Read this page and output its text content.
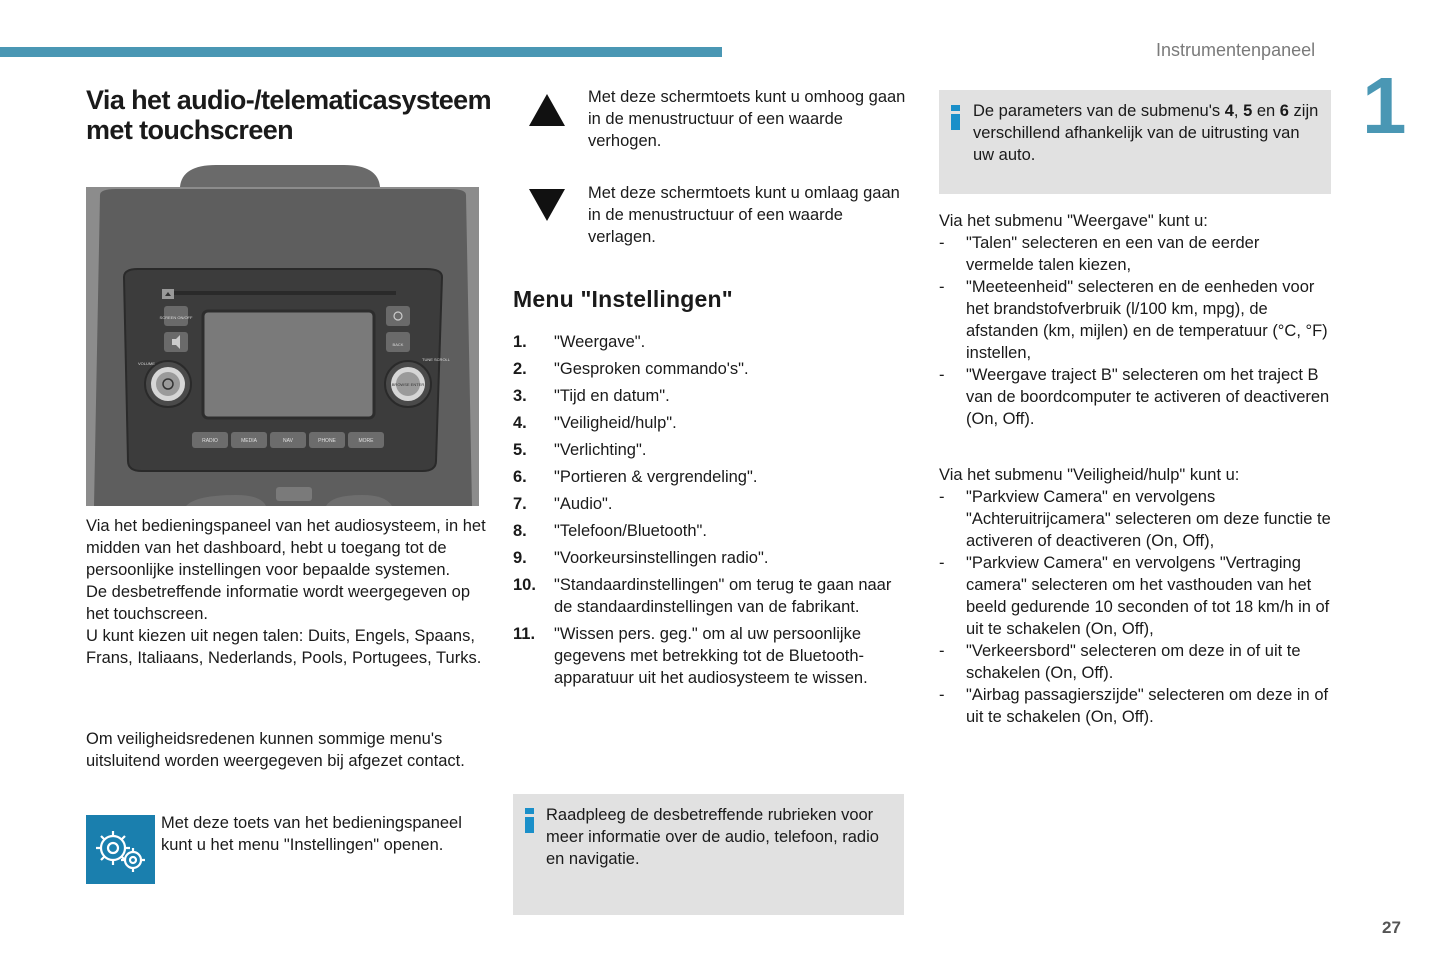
Instrumentenpaneel
1
Via het audio-/telematicasysteem met touchscreen
SCREEN ON/OFF
BACK
VOLUME
BROWSE ENTER
TUNE SCROLL
RADIO	MEDIA	NAV	PHONE	MORE
Via het bedieningspaneel van het audiosysteem, in het midden van het dashboard, hebt u toegang tot de persoonlijke instellingen voor bepaalde systemen.
De desbetreffende informatie wordt weergegeven op het touchscreen.
U kunt kiezen uit negen talen: Duits, Engels, Spaans, Frans, Italiaans, Nederlands, Pools, Portugees, Turks.
Om veiligheidsredenen kunnen sommige menu's uitsluitend worden weergegeven bij afgezet contact.
Met deze toets van het bedieningspaneel kunt u het menu "Instellingen" openen.
Met deze schermtoets kunt u omhoog gaan in de menustructuur of een waarde verhogen.
Met deze schermtoets kunt u omlaag gaan in de menustructuur of een waarde verlagen.
Menu "Instellingen"
1.	"Weergave".
2.	"Gesproken commando's".
3.	"Tijd en datum".
4.	"Veiligheid/hulp".
5.	"Verlichting".
6.	"Portieren & vergrendeling".
7.	"Audio".
8.	"Telefoon/Bluetooth".
9.	"Voorkeursinstellingen radio".
10.	"Standaardinstellingen" om terug te gaan naar de standaardinstellingen van de fabrikant.
11.	"Wissen pers. geg." om al uw persoonlijke gegevens met betrekking tot de Bluetooth-apparatuur uit het audiosysteem te wissen.
Raadpleeg de desbetreffende rubrieken voor meer informatie over de audio, telefoon, radio en navigatie.
De parameters van de submenu's 4, 5 en 6 zijn verschillend afhankelijk van de uitrusting van uw auto.
Via het submenu "Weergave" kunt u:
- "Talen" selecteren en een van de eerder vermelde talen kiezen,
- "Meeteenheid" selecteren en de eenheden voor het brandstofverbruik (l/100 km, mpg), de afstanden (km, mijlen) en de temperatuur (°C, °F) instellen,
- "Weergave traject B" selecteren om het traject B van de boordcomputer te activeren of deactiveren (On, Off).
Via het submenu "Veiligheid/hulp" kunt u:
- "Parkview Camera" en vervolgens "Achteruitrijcamera" selecteren om deze functie te activeren of deactiveren (On, Off),
- "Parkview Camera" en vervolgens "Vertraging camera" selecteren om het vasthouden van het beeld gedurende 10 seconden of tot 18 km/h in of uit te schakelen (On, Off),
- "Verkeersbord" selecteren om deze in of uit te schakelen (On, Off).
- "Airbag passagierszijde" selecteren om deze in of uit te schakelen (On, Off).
27
